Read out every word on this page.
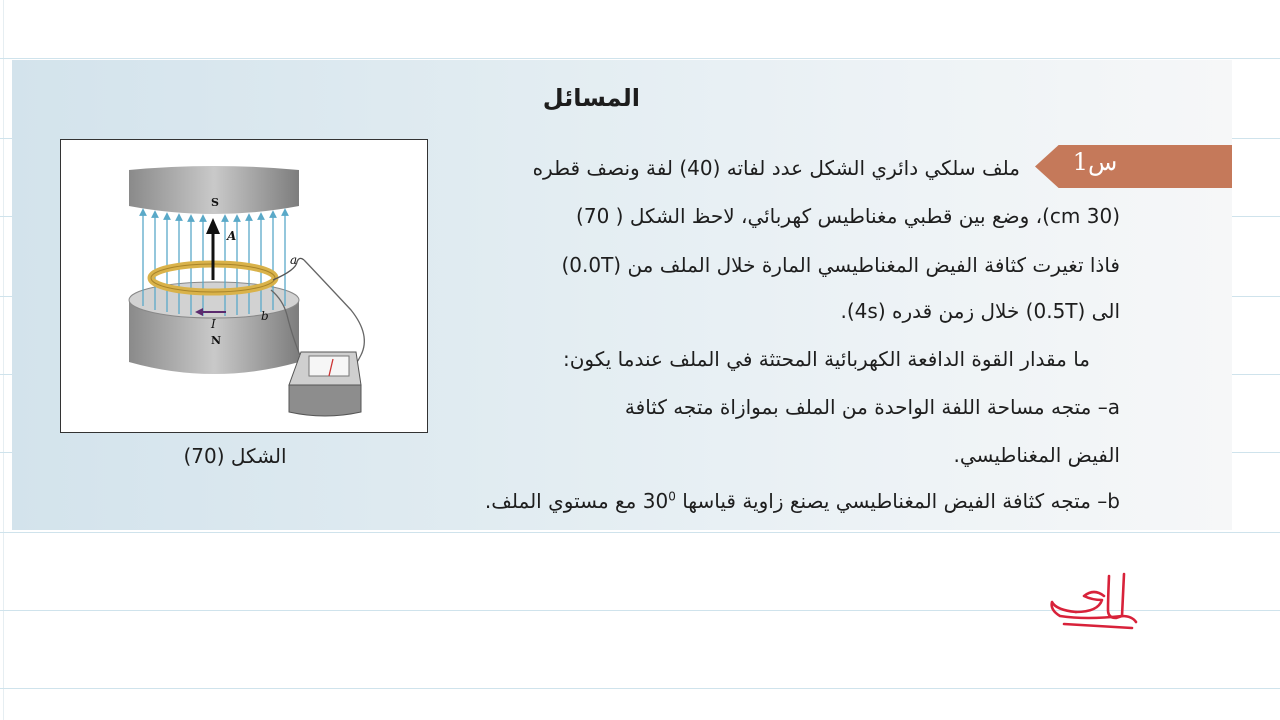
المسائل
س1
ملف سلكي دائري الشكل عدد لفاته (40) لفة ونصف قطره
(30 cm)، وضع بين قطبي مغناطيس كهربائي، لاحظ الشكل ( 70)
فاذا تغيرت كثافة الفيض المغناطيسي المارة خلال الملف من (0.0T)
الى (0.5T) خلال زمن قدره (4s).
ما مقدار القوة الدافعة الكهربائية المحتثة في الملف عندما يكون:
a– متجه مساحة اللفة الواحدة من الملف بموازاة متجه كثافة
الفيض المغناطيسي.
b– متجه كثافة الفيض المغناطيسي يصنع زاوية قياسها $30^0$ مع مستوي الملف.
S
N
A
I
a
b
الشكل (70)
